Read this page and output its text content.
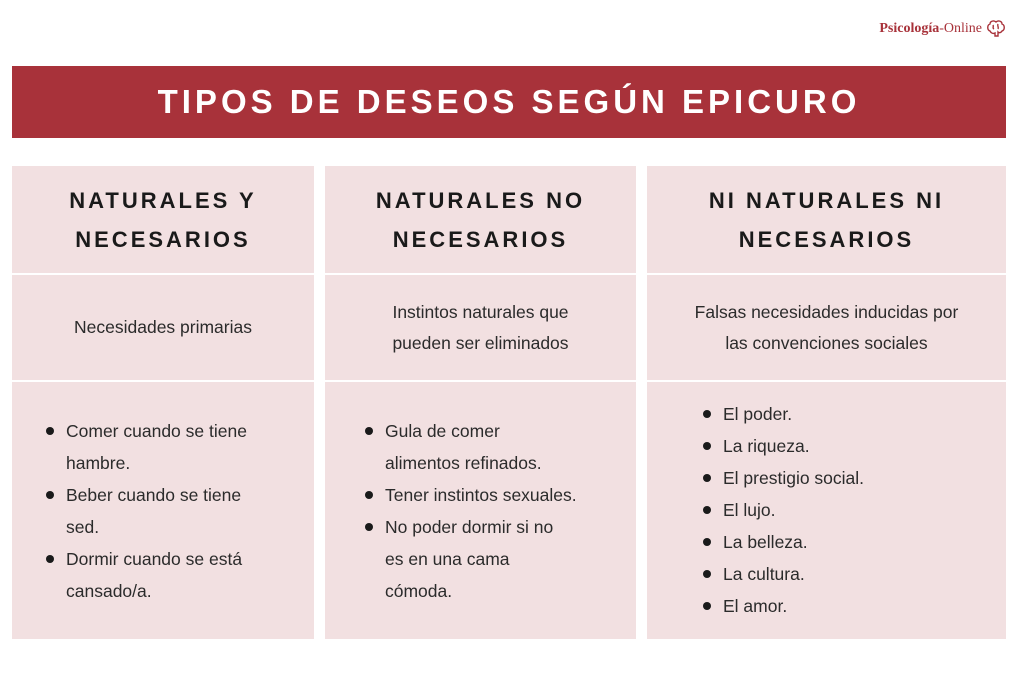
Psicología-Online
TIPOS DE DESEOS SEGÚN EPICURO
NATURALES Y
NECESARIOS
Necesidades primarias
Comer cuando se tiene
hambre.
Beber cuando se tiene
sed.
Dormir cuando se está
cansado/a.
NATURALES NO
NECESARIOS
Instintos naturales que
pueden ser eliminados
Gula de comer
alimentos refinados.
Tener instintos sexuales.
No poder dormir si no
es en una cama
cómoda.
NI NATURALES NI
NECESARIOS
Falsas necesidades inducidas por
las convenciones sociales
El poder.
La riqueza.
El prestigio social.
El lujo.
La belleza.
La cultura.
El amor.
